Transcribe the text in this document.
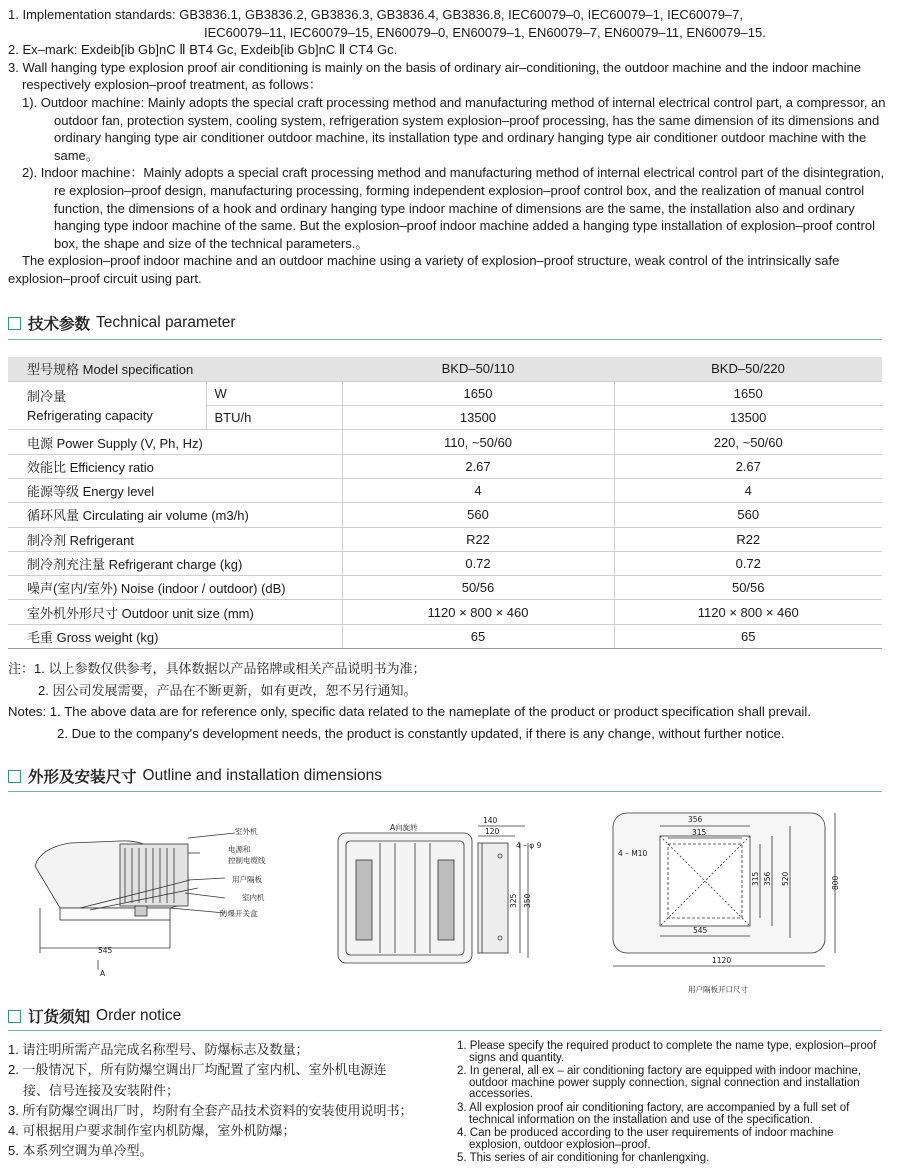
1. Implementation standards: GB3836.1, GB3836.2, GB3836.3, GB3836.4, GB3836.8, IEC60079–0, IEC60079–1, IEC60079–7,
IEC60079–11, IEC60079–15, EN60079–0, EN60079–1, EN60079–7, EN60079–11, EN60079–15.

2. Ex–mark: Exdeib[ib Gb]nC Ⅱ BT4 Gc, Exdeib[ib Gb]nC Ⅱ CT4 Gc.

3. Wall hanging type explosion proof air conditioning is mainly on the basis of ordinary air–conditioning, the outdoor machine and the indoor machine respectively explosion–proof treatment, as follows：

1). Outdoor machine: Mainly adopts the special craft processing method and manufacturing method of internal electrical control part, a compressor, an outdoor fan, protection system, cooling system, refrigeration system explosion–proof processing, has the same dimension of its dimensions and ordinary hanging type air conditioner outdoor machine, its installation type and ordinary hanging type air conditioner outdoor machine with the same。

2). Indoor machine：Mainly adopts a special craft processing method and manufacturing method of internal electrical control part of the disintegration, re explosion–proof design, manufacturing processing, forming independent explosion–proof control box, and the realization of manual control function, the dimensions of a hook and ordinary hanging type indoor machine of dimensions are the same, the installation also and ordinary hanging type indoor machine of the same. But the explosion–proof indoor machine added a hanging type installation of explosion–proof control box, the shape and size of the technical parameters.。

The explosion–proof indoor machine and an outdoor machine using a variety of explosion–proof structure, weak control of the intrinsically safe explosion–proof circuit using part.

技术参数 Technical parameter
型号规格 Model specification		BKD–50/110	BKD–50/220
制冷量
Refrigerating capacity	W	1650	1650
	BTU/h	13500	13500
电源 Power Supply (V, Ph, Hz)		110, ~50/60	220, ~50/60
效能比 Efficiency ratio		2.67	2.67
能源等级 Energy level		4	4
循环风量 Circulating air volume (m3/h)		560	560
制冷剂 Refrigerant		R22	R22
制冷剂充注量 Refrigerant charge (kg)		0.72	0.72
噪声(室内/室外) Noise (indoor / outdoor) (dB)		50/56	50/56
室外机外形尺寸 Outdoor unit size (mm)		1120 × 800 × 460	1120 × 800 × 460
毛重 Gross weight (kg)		65	65
注：1. 以上参数仅供参考，具体数据以产品铭牌或相关产品说明书为准；
2. 因公司发展需要，产品在不断更新，如有更改，恕不另行通知。
Notes: 1. The above data are for reference only, specific data related to the nameplate of the product or product specification shall prevail.
2. Due to the company's development needs, the product is constantly updated, if there is any change, without further notice.
外形及安装尺寸 Outline and installation dimensions
室外机
电源和
控制电缆线
用户隔板
室内机
防爆开关盒
545
A
A向旋转
140
120
4 – φ 9
325 350
356
315
4 – M10
315 356 520	800
545
1120
用户隔板开口尺寸
订货须知 Order notice

1. 请注明所需产品完成名称型号、防爆标志及数量；

2. 一般情况下，所有防爆空调出厂均配置了室内机、室外机电源连

接、信号连接及安装附件；

3. 所有防爆空调出厂时，均附有全套产品技术资料的安装使用说明书；

4. 可根据用户要求制作室内机防爆，室外机防爆；

5. 本系列空调为单冷型。

1. Please specify the required product to complete the name type, explosion–proof signs and quantity.

2. In general, all ex – air conditioning factory are equipped with indoor machine, outdoor machine power supply connection, signal connection and installation accessories.

3. All explosion proof air conditioning factory, are accompanied by a full set of technical information on the installation and use of the specification.

4. Can be produced according to the user requirements of indoor machine explosion, outdoor explosion–proof.

5. This series of air conditioning for chanlengxing.
